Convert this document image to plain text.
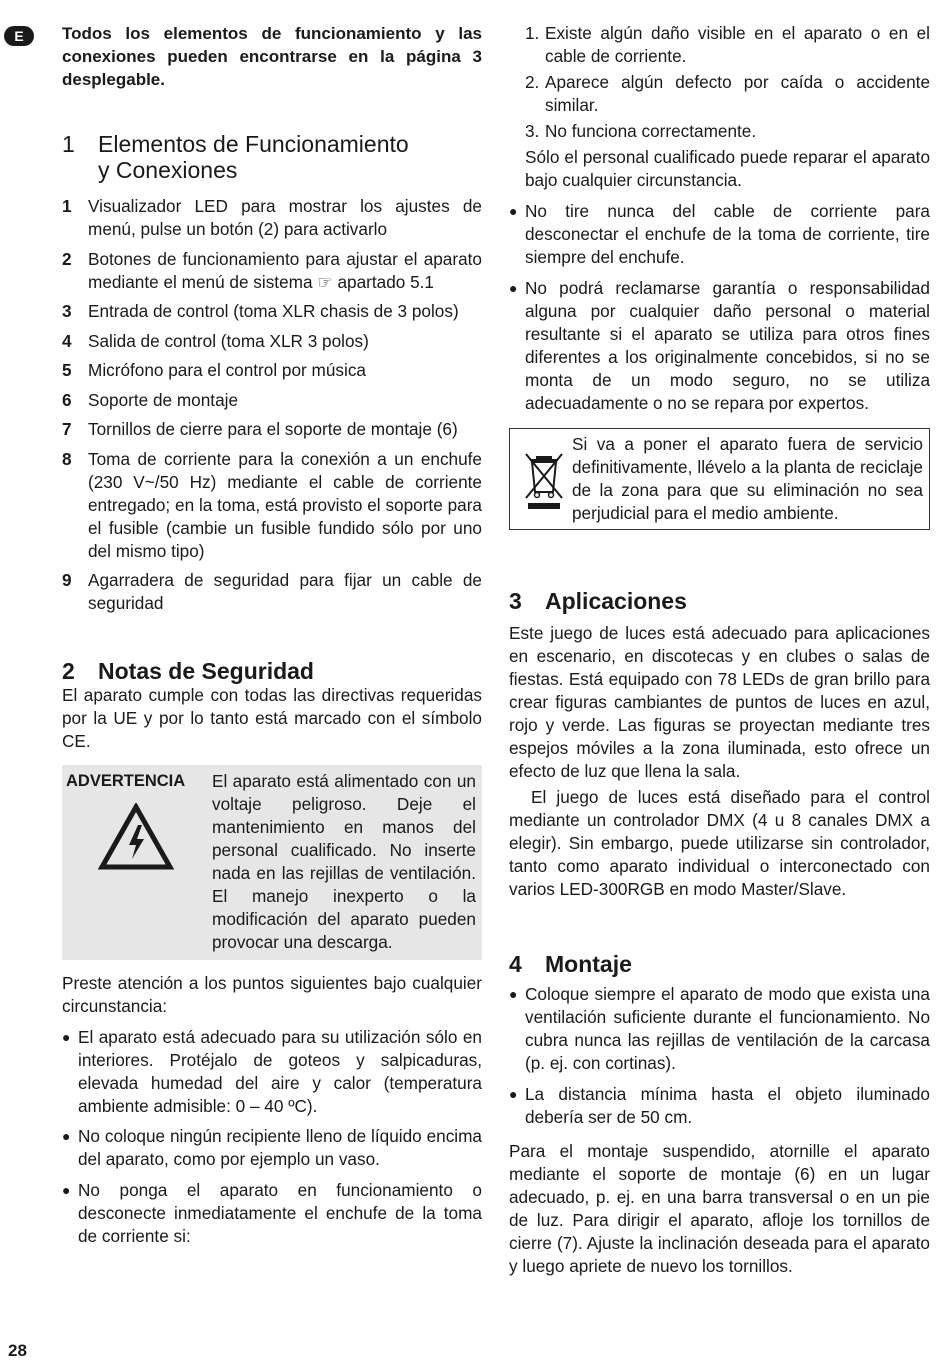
E	Todos los elementos de funcionamiento y las conexiones pueden encontrarse en la página 3 desplegable.

1	Elementos de Funcionamiento
y Conexiones
1 Visualizador LED para mostrar los ajustes de menú, pulse un botón (2) para activarlo
2 Botones de funcionamiento para ajustar el aparato mediante el menú de sistema ☞ apartado 5.1
3 Entrada de control (toma XLR chasis de 3 polos)
4 Salida de control (toma XLR 3 polos)
5 Micrófono para el control por música
6 Soporte de montaje
7 Tornillos de cierre para el soporte de montaje (6)
8 Toma de corriente para la conexión a un enchufe (230 V~/50 Hz) mediante el cable de corriente entregado; en la toma, está provisto el soporte para el fusible (cambie un fusible fundido sólo por uno del mismo tipo)
9 Agarradera de seguridad para fijar un cable de seguridad
2	Notas de Seguridad

El aparato cumple con todas las directivas requeridas por la UE y por lo tanto está marcado con el símbolo CE.

ADVERTENCIA	El aparato está alimentado con un voltaje peligroso. Deje el mantenimiento en manos del personal cualificado. No inserte nada en las rejillas de ventilación. El manejo inexperto o la modificación del aparato pueden provocar una descarga.

Preste atención a los puntos siguientes bajo cualquier circunstancia:

● El aparato está adecuado para su utilización sólo en interiores. Protéjalo de goteos y salpicaduras, elevada humedad del aire y calor (temperatura ambiente admisible: 0 – 40 ºC).
● No coloque ningún recipiente lleno de líquido encima del aparato, como por ejemplo un vaso.
● No ponga el aparato en funcionamiento o desconecte inmediatamente el enchufe de la toma de corriente si:
1. Existe algún daño visible en el aparato o en el cable de corriente.
2. Aparece algún defecto por caída o accidente similar.
3. No funciona correctamente.

Sólo el personal cualificado puede reparar el aparato bajo cualquier circunstancia.

● No tire nunca del cable de corriente para desconectar el enchufe de la toma de corriente, tire siempre del enchufe.
● No podrá reclamarse garantía o responsabilidad alguna por cualquier daño personal o material resultante si el aparato se utiliza para otros fines diferentes a los originalmente concebidos, si no se monta de un modo seguro, no se utiliza adecuadamente o no se repara por expertos.

Si va a poner el aparato fuera de servicio definitivamente, llévelo a la planta de reciclaje de la zona para que su eliminación no sea perjudicial para el medio ambiente.

3	Aplicaciones

Este juego de luces está adecuado para aplicaciones en escenario, en discotecas y en clubes o salas de fiestas. Está equipado con 78 LEDs de gran brillo para crear figuras cambiantes de puntos de luces en azul, rojo y verde. Las figuras se proyectan mediante tres espejos móviles a la zona iluminada, esto ofrece un efecto de luz que llena la sala.

El juego de luces está diseñado para el control mediante un controlador DMX (4 u 8 canales DMX a elegir). Sin embargo, puede utilizarse sin controlador, tanto como aparato individual o interconectado con varios LED-300RGB en modo Master/Slave.

4	Montaje
● Coloque siempre el aparato de modo que exista una ventilación suficiente durante el funcionamiento. No cubra nunca las rejillas de ventilación de la carcasa (p. ej. con cortinas).
● La distancia mínima hasta el objeto iluminado debería ser de 50 cm.

Para el montaje suspendido, atornille el aparato mediante el soporte de montaje (6) en un lugar adecuado, p. ej. en una barra transversal o en un pie de luz. Para dirigir el aparato, afloje los tornillos de cierre (7). Ajuste la inclinación deseada para el aparato y luego apriete de nuevo los tornillos.

28
